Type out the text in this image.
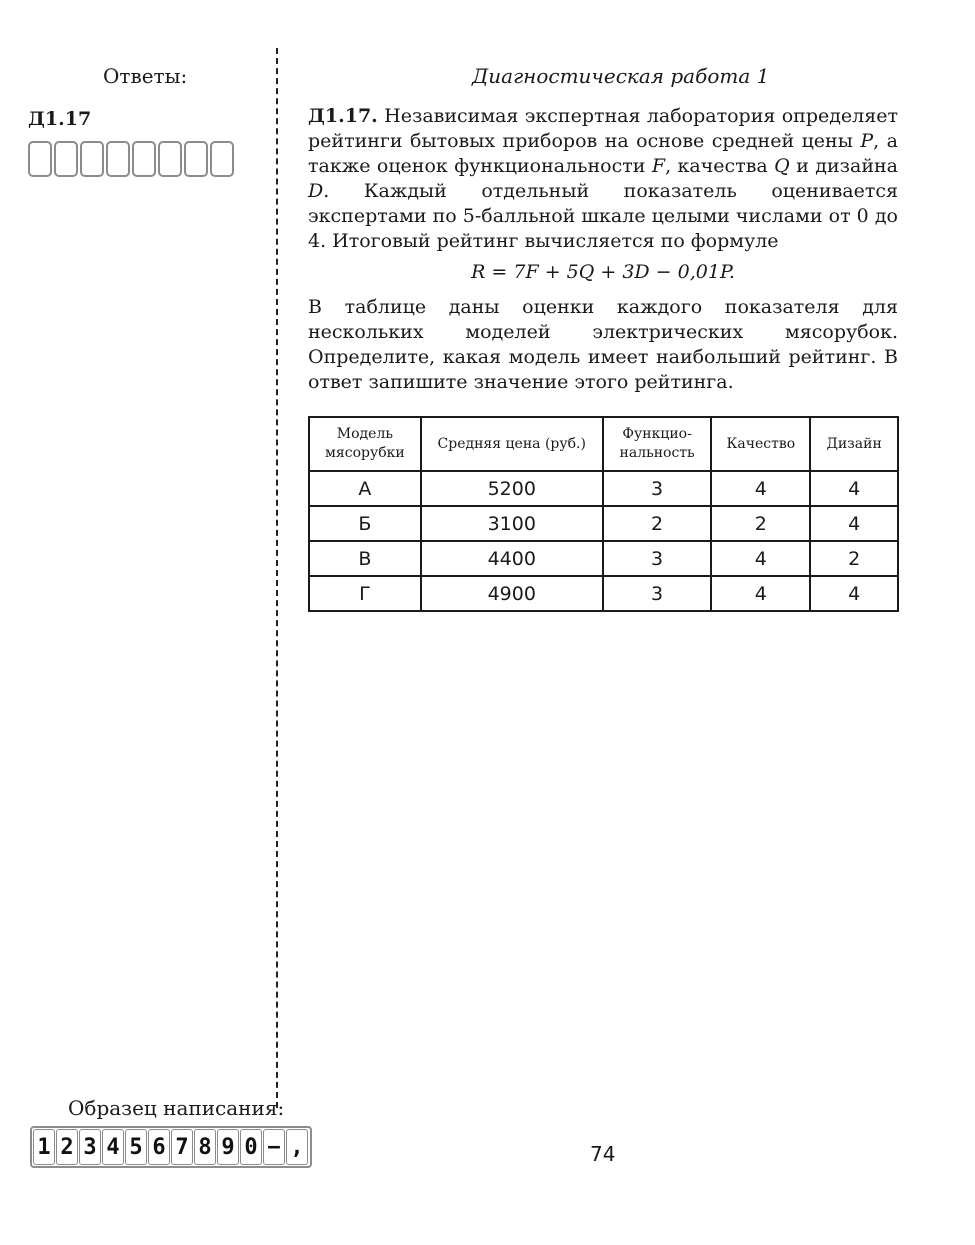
Ответы:
Д1.17
Диагностическая работа 1
Д1.17. Независимая экспертная лаборатория определяет рейтинги бытовых приборов на основе средней цены P, а также оценок функциональности F, качества Q и дизайна D. Каждый отдельный показатель оценивается экспертами по 5-балльной шкале целыми числами от 0 до 4. Итоговый рейтинг вычисляется по формуле
R = 7F + 5Q + 3D − 0,01P.
В таблице даны оценки каждого показателя для нескольких моделей электрических мясорубок. Определите, какая модель имеет наибольший рейтинг. В ответ запишите значение этого рейтинга.
Модель мясорубки	Средняя цена (руб.)	Функцио-нальность	Качество	Дизайн
А	5200	3	4	4
Б	3100	2	2	4
В	4400	3	4	2
Г	4900	3	4	4
Образец написания:
1 2 3 4 5 6 7 8 9 0 − ,	74
